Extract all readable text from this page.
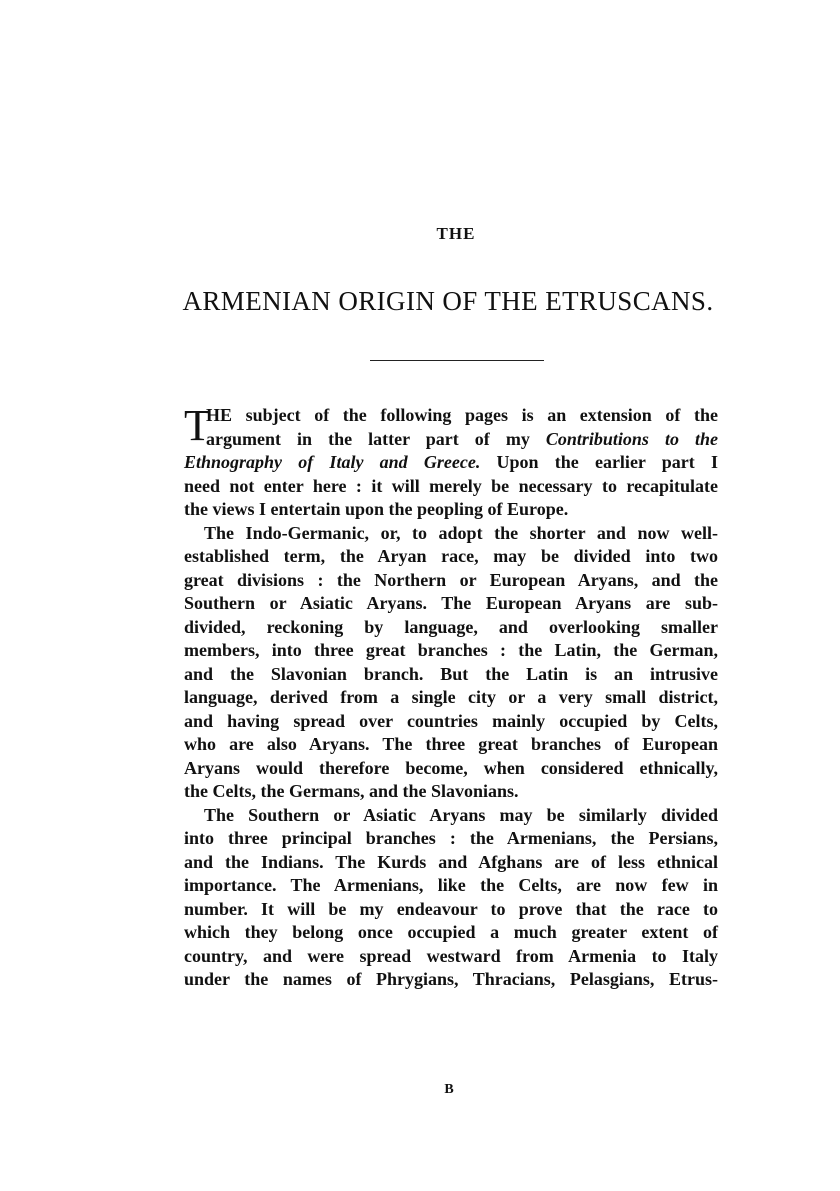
THE
ARMENIAN ORIGIN OF THE ETRUSCANS.
T
HE subject of the following pages is an extension of the
argument in the latter part of my Contributions to the
Ethnography of Italy and Greece. Upon the earlier part I
need not enter here : it will merely be necessary to recapitulate
the views I entertain upon the peopling of Europe.
The Indo-Germanic, or, to adopt the shorter and now well-
established term, the Aryan race, may be divided into two
great divisions : the Northern or European Aryans, and the
Southern or Asiatic Aryans. The European Aryans are sub-
divided, reckoning by language, and overlooking smaller
members, into three great branches : the Latin, the German,
and the Slavonian branch. But the Latin is an intrusive
language, derived from a single city or a very small district,
and having spread over countries mainly occupied by Celts,
who are also Aryans. The three great branches of European
Aryans would therefore become, when considered ethnically,
the Celts, the Germans, and the Slavonians.
The Southern or Asiatic Aryans may be similarly divided
into three principal branches : the Armenians, the Persians,
and the Indians. The Kurds and Afghans are of less ethnical
importance. The Armenians, like the Celts, are now few in
number. It will be my endeavour to prove that the race to
which they belong once occupied a much greater extent of
country, and were spread westward from Armenia to Italy
under the names of Phrygians, Thracians, Pelasgians, Etrus-
B
